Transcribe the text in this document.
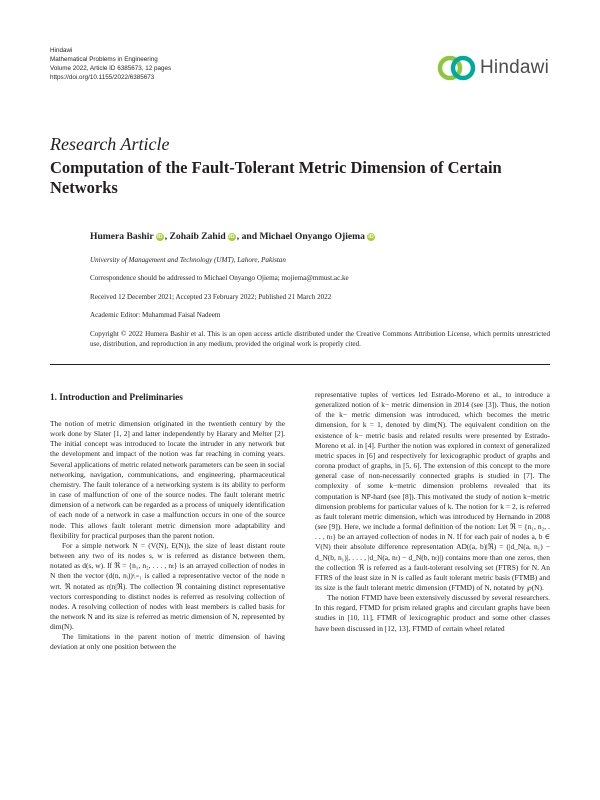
Hindawi
Mathematical Problems in Engineering
Volume 2022, Article ID 6385673, 12 pages
https://doi.org/10.1155/2022/6385673	Hindawi
Research Article
Computation of the Fault-Tolerant Metric Dimension of Certain Networks
Humera Bashir iD , Zohaib Zahid iD , and Michael Onyango Ojiema iD
University of Management and Technology (UMT), Lahore, Pakistan
Correspondence should be addressed to Michael Onyango Ojiema; mojiema@mmust.ac.ke
Received 12 December 2021; Accepted 23 February 2022; Published 21 March 2022
Academic Editor: Muhammad Faisal Nadeem
Copyright © 2022 Humera Bashir et al. This is an open access article distributed under the Creative Commons Attribution License, which permits unrestricted use, distribution, and reproduction in any medium, provided the original work is properly cited.
1. Introduction and Preliminaries

The notion of metric dimension originated in the twentieth century by the work done by Slater [1, 2] and latter independently by Harary and Melter [2]. The initial concept was introduced to locate the intruder in any network but the development and impact of the notion was far reaching in coming years. Several applications of metric related network parameters can be seen in social networking, navigation, communications, and engineering, pharmaceutical chemistry. The fault tolerance of a networking system is its ability to perform in case of malfunction of one of the source nodes. The fault tolerant metric dimension of a network can be regarded as a process of uniquely identification of each node of a network in case a malfunction occurs in one of the source node. This allows fault tolerant metric dimension more adaptability and flexibility for practical purposes than the parent notion.

For a simple network N = (V(N), E(N)), the size of least distant route between any two of its nodes s, w is referred as distance between them, notated as d(s, w). If ℜ = {n₁, n₂, . . . , nₜ} is an arrayed collection of nodes in N then the vector (d(n, nᵢ))ᵗᵢ₌₁ is called a representative vector of the node n wrt. ℜ notated as r(n|ℜ). The collection ℜ containing distinct representative vectors corresponding to distinct nodes is referred as resolving collection of nodes. A resolving collection of nodes with least members is called basis for the network N and its size is referred as metric dimension of N, represented by dim(N).

The limitations in the parent notion of metric dimension of having deviation at only one position between the

representative tuples of vertices led Estrado-Moreno et al., to introduce a generalized notion of k− metric dimension in 2014 (see [3]). Thus, the notion of the k− metric dimension was introduced, which becomes the metric dimension, for k = 1, denoted by dim(N). The equivalent condition on the existence of k− metric basis and related results were presented by Estrado-Moreno et al. in [4]. Further the notion was explored in context of generalized metric spaces in [6] and respectively for lexicographic product of graphs and corona product of graphs, in [5, 6]. The extension of this concept to the more general case of non-necessarily connected graphs is studied in [7]. The complexity of some k−metric dimension problems revealed that its computation is NP-hard (see [8]). This motivated the study of notion k−metric dimension problems for particular values of k. The notion for k = 2, is referred as fault tolerant metric dimension, which was introduced by Hernando in 2008 (see [9]). Here, we include a formal definition of the notion: Let ℜ = {n₁, n₂, . . . , nₜ} be an arrayed collection of nodes in N. If for each pair of nodes a, b ∈ V(N) their absolute difference representation AD((a, b)|ℜ) = (|d_N(a, n₁) − d_N(b, n₁)|, . . . , |d_N(a, nₜ) − d_N(b, nₜ)|) contains more than one zeros, then the collection ℜ is referred as a fault-tolerant resolving set (FTRS) for N. An FTRS of the least size in N is called as fault tolerant metric basis (FTMB) and its size is the fault tolerant metric dimension (FTMD) of N, notated by ℘(N).

The notion FTMD have been extensively discussed by several researchers. In this regard, FTMD for prism related graphs and circulant graphs have been studies in [10, 11], FTMR of lexicographic product and some other classes have been discussed in [12, 13], FTMD of certain wheel related
